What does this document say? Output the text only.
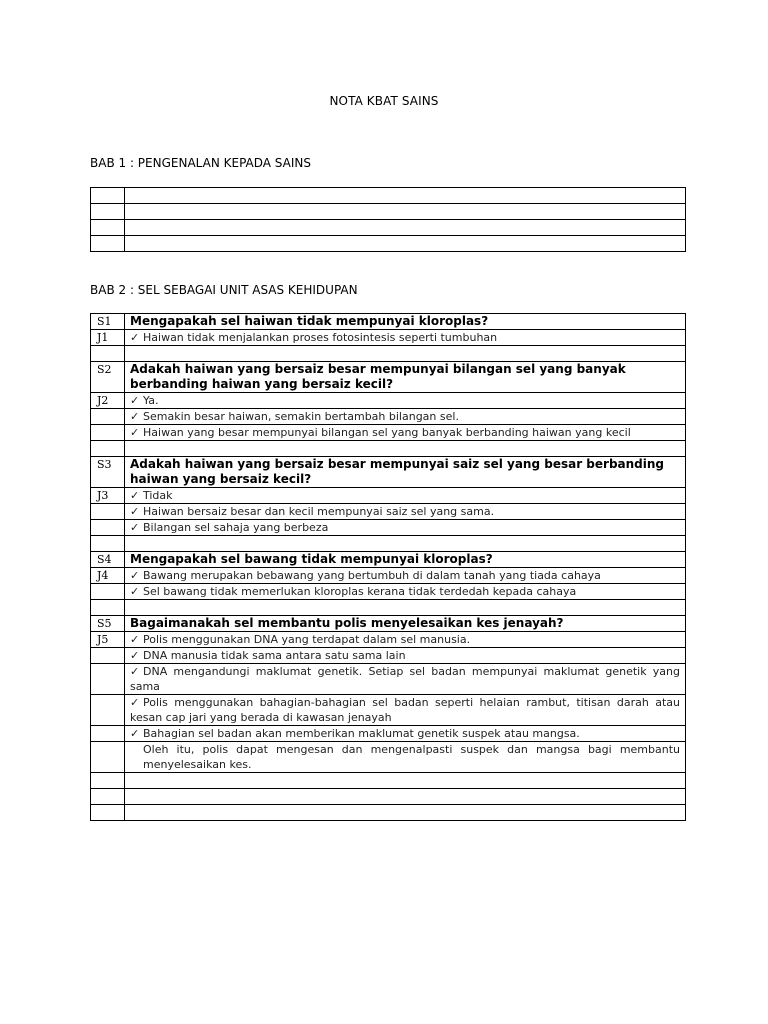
NOTA KBAT SAINS
BAB 1 : PENGENALAN KEPADA SAINS

BAB 2 : SEL SEBAGAI UNIT ASAS KEHIDUPAN
S1	Mengapakah sel haiwan tidak mempunyai kloroplas?
J1	✓ Haiwan tidak menjalankan proses fotosintesis seperti tumbuhan

S2	Adakah haiwan yang bersaiz besar mempunyai bilangan sel yang banyak berbanding haiwan yang bersaiz kecil?
J2	✓ Ya.
	✓ Semakin besar haiwan, semakin bertambah bilangan sel.
	✓ Haiwan yang besar mempunyai bilangan sel yang banyak berbanding haiwan yang kecil

S3	Adakah haiwan yang bersaiz besar mempunyai saiz sel yang besar berbanding haiwan yang bersaiz kecil?
J3	✓ Tidak
	✓ Haiwan bersaiz besar dan kecil mempunyai saiz sel yang sama.
	✓ Bilangan sel sahaja yang berbeza

S4	Mengapakah sel bawang tidak mempunyai kloroplas?
J4	✓ Bawang merupakan bebawang yang bertumbuh di dalam tanah yang tiada cahaya
	✓ Sel bawang tidak memerlukan kloroplas kerana tidak terdedah kepada cahaya

S5	Bagaimanakah sel membantu polis menyelesaikan kes jenayah?
J5	✓ Polis menggunakan DNA yang terdapat dalam sel manusia.
	✓ DNA manusia tidak sama antara satu sama lain
	✓ DNA mengandungi maklumat genetik. Setiap sel badan mempunyai maklumat genetik yang sama
	✓ Polis menggunakan bahagian-bahagian sel badan seperti helaian rambut, titisan darah atau kesan cap jari yang berada di kawasan jenayah
	✓ Bahagian sel badan akan memberikan maklumat genetik suspek atau mangsa.
	Oleh itu, polis dapat mengesan dan mengenalpasti suspek dan mangsa bagi membantu menyelesaikan kes.
